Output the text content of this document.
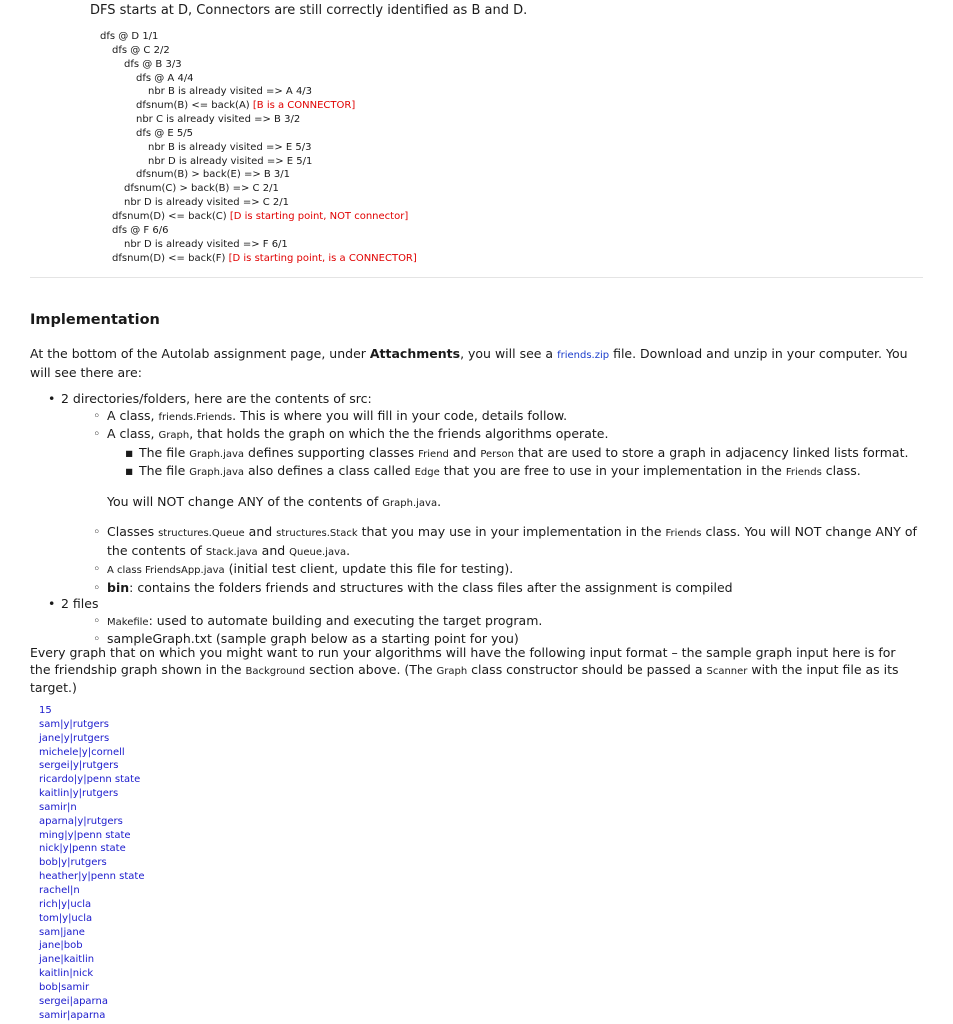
DFS starts at D, Connectors are still correctly identified as B and D.

dfs @ D 1/1
dfs @ C 2/2
dfs @ B 3/3
dfs @ A 4/4
nbr B is already visited => A 4/3
dfsnum(B) <= back(A) [B is a CONNECTOR]
nbr C is already visited => B 3/2
dfs @ E 5/5
nbr B is already visited => E 5/3
nbr D is already visited => E 5/1
dfsnum(B) > back(E) => B 3/1
dfsnum(C) > back(B) => C 2/1
nbr D is already visited => C 2/1
dfsnum(D) <= back(C) [D is starting point, NOT connector]
dfs @ F 6/6
nbr D is already visited => F 6/1
dfsnum(D) <= back(F) [D is starting point, is a CONNECTOR]
Implementation

At the bottom of the Autolab assignment page, under Attachments, you will see a friends.zip file. Download and unzip in your computer. You will see there are:

• 2 directories/folders, here are the contents of src:
◦ A class, friends.Friends. This is where you will fill in your code, details follow.
◦ A class, Graph, that holds the graph on which the the friends algorithms operate.
▪ The file Graph.java defines supporting classes Friend and Person that are used to store a graph in adjacency linked lists format.
▪ The file Graph.java also defines a class called Edge that you are free to use in your implementation in the Friends class.
You will NOT change ANY of the contents of Graph.java.
◦ Classes structures.Queue and structures.Stack that you may use in your implementation in the Friends class. You will NOT change ANY of the contents of Stack.java and Queue.java.
◦ A class FriendsApp.java (initial test client, update this file for testing).
◦ bin: contains the folders friends and structures with the class files after the assignment is compiled
• 2 files
◦ Makefile: used to automate building and executing the target program.
◦ sampleGraph.txt (sample graph below as a starting point for you)

Every graph that on which you might want to run your algorithms will have the following input format – the sample graph input here is for the friendship graph shown in the Background section above. (The Graph class constructor should be passed a Scanner with the input file as its target.)

15
sam|y|rutgers
jane|y|rutgers
michele|y|cornell
sergei|y|rutgers
ricardo|y|penn state
kaitlin|y|rutgers
samir|n
aparna|y|rutgers
ming|y|penn state
nick|y|penn state
bob|y|rutgers
heather|y|penn state
rachel|n
rich|y|ucla
tom|y|ucla
sam|jane
jane|bob
jane|kaitlin
kaitlin|nick
bob|samir
sergei|aparna
samir|aparna
